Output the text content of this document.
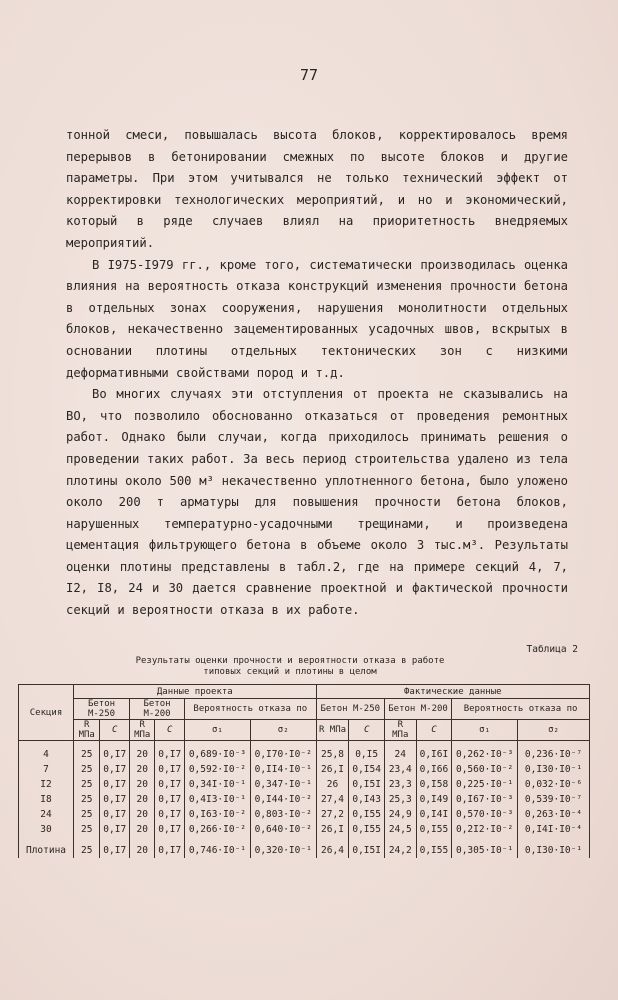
77

тонной смеси, повышалась высота блоков, корректировалось время перерывов в бетонировании смежных по высоте блоков и другие параметры. При этом учитывался не только технический эффект от корректировки технологических мероприятий, и но и экономический, который в ряде случаев влиял на приоритетность внедряемых мероприятий.

В I975-I979 гг., кроме того, систематически производилась оценка влияния на вероятность отказа конструкций изменения прочности бетона в отдельных зонах сооружения, нарушения монолитности отдельных блоков, некачественно зацементированных усадочных швов, вскрытых в основании плотины отдельных тектонических зон с низкими деформативными свойствами пород и т.д.

Во многих случаях эти отступления от проекта не сказывались на ВО, что позволило обоснованно отказаться от проведения ремонтных работ. Однако были случаи, когда приходилось принимать решения о проведении таких работ. За весь период строительства удалено из тела плотины около 500 м³ некачественно уплотненного бетона, было уложено около 200 т арматуры для повышения прочности бетона блоков, нарушенных температурно-усадочными трещинами, и произведена цементация фильтрующего бетона в объеме около 3 тыс.м³. Результаты оценки плотины представлены в табл.2, где на примере секций 4, 7, I2, I8, 24 и 30 дается сравнение проектной и фактической прочности секций и вероятности отказа в их работе.

Таблица 2
Результаты оценки прочности и вероятности отказа в работе
типовых секций и плотины в целом
Секция	Данные проекта						Фактические данные					
	Бетон М-250		Бетон М-200		Вероятность отказа по		Бетон М-250		Бетон М-200		Вероятность отказа по	
	R МПа	C	R МПа	C	σ₁	σ₂	R МПа	C	R МПа	C	σ₁	σ₂
4	25	0,I7	20	0,I7	0,689·I0⁻³	0,I70·I0⁻²	25,8	0,I5	24	0,I6I	0,262·I0⁻³	0,236·I0⁻⁷
7	25	0,I7	20	0,I7	0,592·I0⁻²	0,II4·I0⁻¹	26,I	0,I54	23,4	0,I66	0,560·I0⁻²	0,I30·I0⁻¹
I2	25	0,I7	20	0,I7	0,34I·I0⁻¹	0,347·I0⁻¹	26	0,I5I	23,3	0,I58	0,225·I0⁻¹	0,032·I0⁻⁶
I8	25	0,I7	20	0,I7	0,4I3·I0⁻¹	0,I44·I0⁻²	27,4	0,I43	25,3	0,I49	0,I67·I0⁻³	0,539·I0⁻⁷
24	25	0,I7	20	0,I7	0,I63·I0⁻²	0,803·I0⁻²	27,2	0,I55	24,9	0,I4I	0,570·I0⁻³	0,263·I0⁻⁴
30	25	0,I7	20	0,I7	0,266·I0⁻²	0,640·I0⁻²	26,I	0,I55	24,5	0,I55	0,2I2·I0⁻²	0,I4I·I0⁻⁴
Плотина	25	0,I7	20	0,I7	0,746·I0⁻¹	0,320·I0⁻¹	26,4	0,I5I	24,2	0,I55	0,305·I0⁻¹	0,I30·I0⁻¹
